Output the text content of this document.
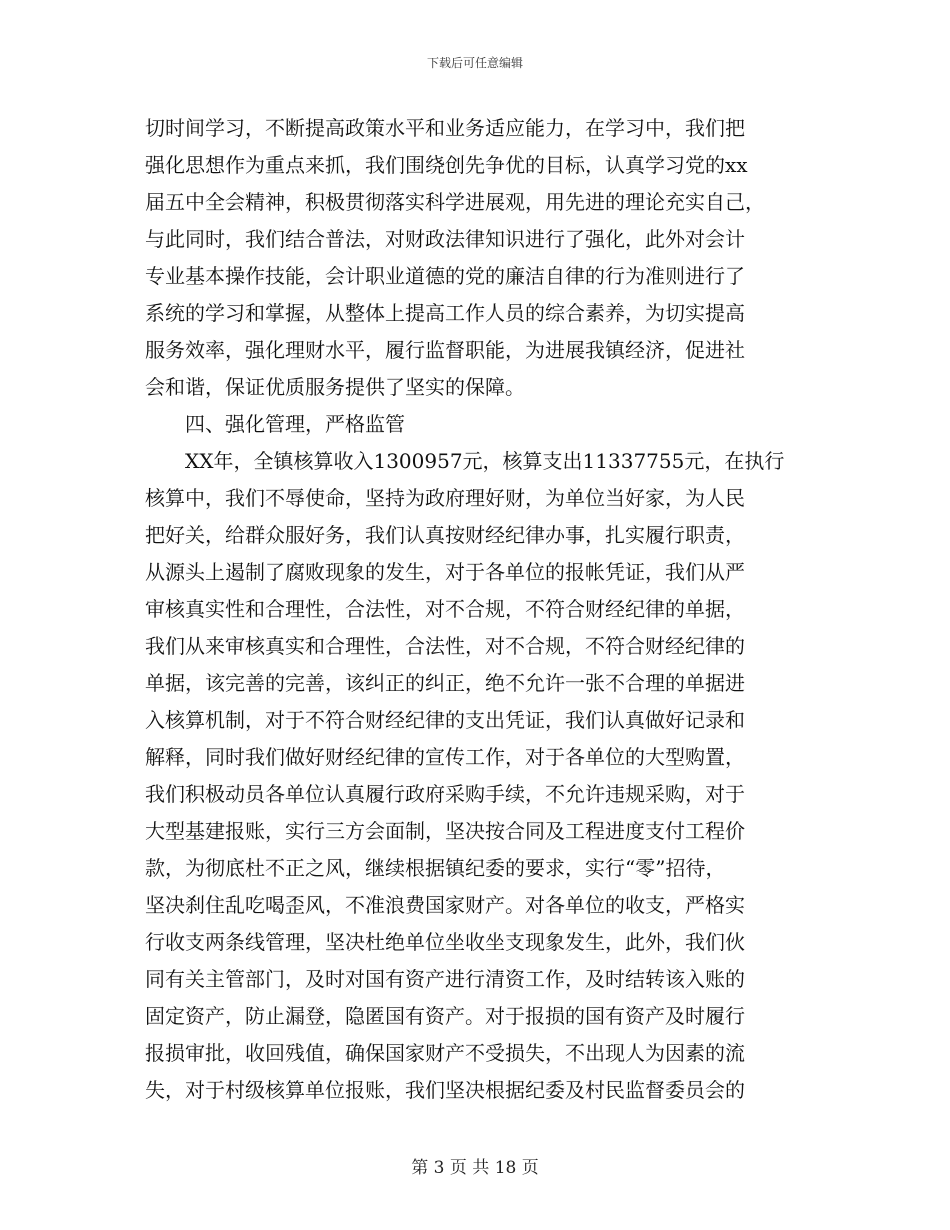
下载后可任意编辑
切时间学习，不断提高政策水平和业务适应能力，在学习中，我们把
强化思想作为重点来抓，我们围绕创先争优的目标，认真学习党的xx
届五中全会精神，积极贯彻落实科学进展观，用先进的理论充实自己，
与此同时，我们结合普法，对财政法律知识进行了强化，此外对会计
专业基本操作技能，会计职业道德的党的廉洁自律的行为准则进行了
系统的学习和掌握，从整体上提高工作人员的综合素养，为切实提高
服务效率，强化理财水平，履行监督职能，为进展我镇经济，促进社
会和谐，保证优质服务提供了坚实的保障。
　　四、强化管理，严格监管
　　XX年，全镇核算收入1300957元，核算支出11337755元，在执行
核算中，我们不辱使命，坚持为政府理好财，为单位当好家，为人民
把好关，给群众服好务，我们认真按财经纪律办事，扎实履行职责，
从源头上遏制了腐败现象的发生，对于各单位的报帐凭证，我们从严
审核真实性和合理性，合法性，对不合规，不符合财经纪律的单据，
我们从来审核真实和合理性，合法性，对不合规，不符合财经纪律的
单据，该完善的完善，该纠正的纠正，绝不允许一张不合理的单据进
入核算机制，对于不符合财经纪律的支出凭证，我们认真做好记录和
解释，同时我们做好财经纪律的宣传工作，对于各单位的大型购置，
我们积极动员各单位认真履行政府采购手续，不允许违规采购，对于
大型基建报账，实行三方会面制，坚决按合同及工程进度支付工程价
款，为彻底杜不正之风，继续根据镇纪委的要求，实行“零”招待，
坚决刹住乱吃喝歪风，不准浪费国家财产。对各单位的收支，严格实
行收支两条线管理，坚决杜绝单位坐收坐支现象发生，此外，我们伙
同有关主管部门，及时对国有资产进行清资工作，及时结转该入账的
固定资产，防止漏登，隐匿国有资产。对于报损的国有资产及时履行
报损审批，收回残值，确保国家财产不受损失，不出现人为因素的流
失，对于村级核算单位报账，我们坚决根据纪委及村民监督委员会的
第 3 页 共 18 页
